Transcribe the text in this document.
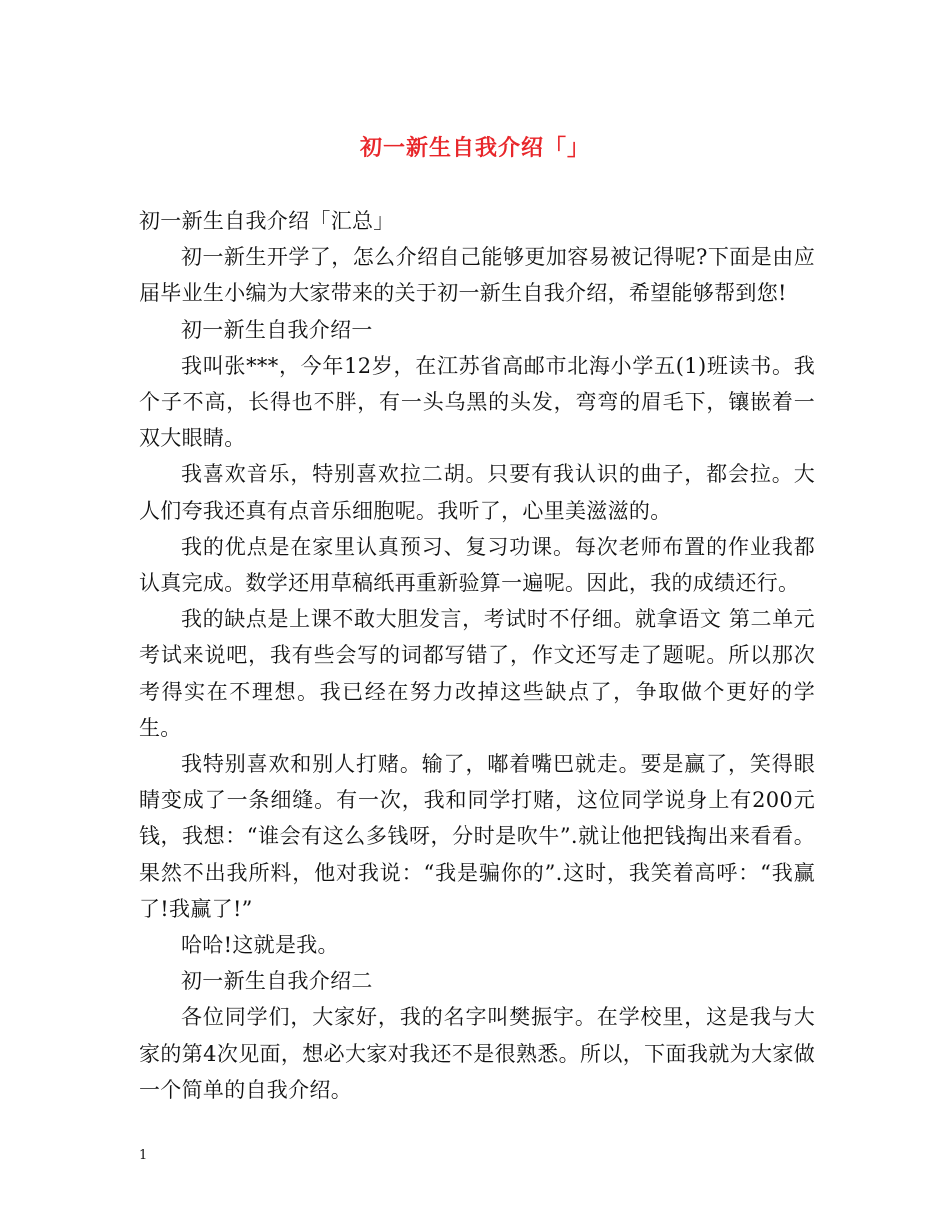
初一新生自我介绍「」

初一新生自我介绍「汇总」

初一新生开学了，怎么介绍自己能够更加容易被记得呢?下面是由应届毕业生小编为大家带来的关于初一新生自我介绍，希望能够帮到您!

初一新生自我介绍一

我叫张***，今年12岁，在江苏省高邮市北海小学五(1)班读书。我个子不高，长得也不胖，有一头乌黑的头发，弯弯的眉毛下，镶嵌着一双大眼睛。

我喜欢音乐，特别喜欢拉二胡。只要有我认识的曲子，都会拉。大人们夸我还真有点音乐细胞呢。我听了，心里美滋滋的。

我的优点是在家里认真预习、复习功课。每次老师布置的作业我都认真完成。数学还用草稿纸再重新验算一遍呢。因此，我的成绩还行。

我的缺点是上课不敢大胆发言，考试时不仔细。就拿语文 第二单元考试来说吧，我有些会写的词都写错了，作文还写走了题呢。所以那次考得实在不理想。我已经在努力改掉这些缺点了，争取做个更好的学生。

我特别喜欢和别人打赌。输了，嘟着嘴巴就走。要是赢了，笑得眼睛变成了一条细缝。有一次，我和同学打赌，这位同学说身上有200元钱，我想：“谁会有这么多钱呀，分时是吹牛”.就让他把钱掏出来看看。果然不出我所料，他对我说：“我是骗你的”.这时，我笑着高呼：“我赢了!我赢了!”

哈哈!这就是我。

初一新生自我介绍二

各位同学们，大家好，我的名字叫樊振宇。在学校里，这是我与大家的第4次见面，想必大家对我还不是很熟悉。所以，下面我就为大家做一个简单的自我介绍。

1
